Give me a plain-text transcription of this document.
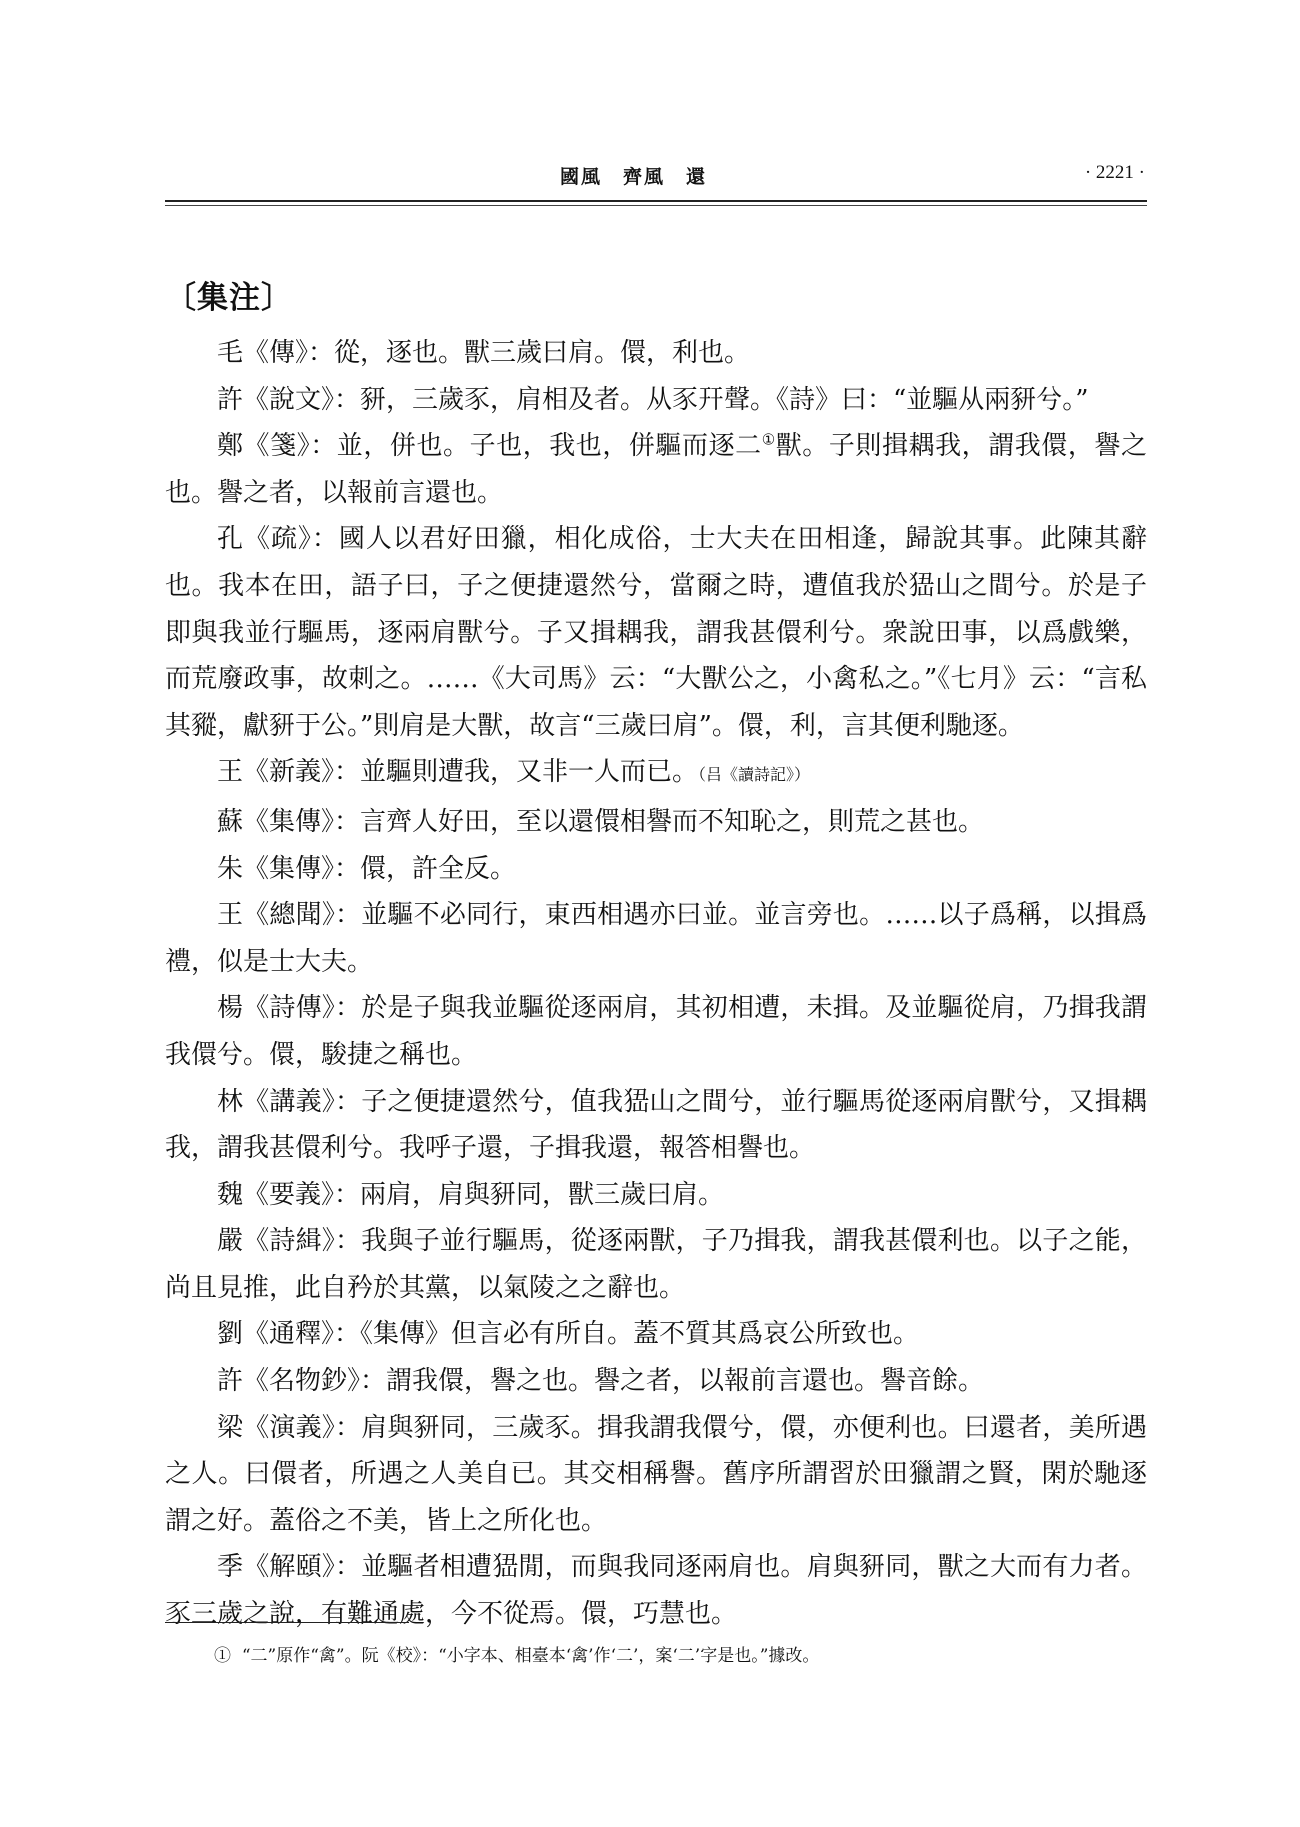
國風　齊風　還	· 2221 ·
〔集注〕

毛《傳》：從，逐也。獸三歲曰肩。儇，利也。

許《說文》：豜，三歲豕，肩相及者。从豕幵聲。《詩》曰：“並驅从兩豜兮。”

鄭《箋》：並，併也。子也，我也，併驅而逐二①獸。子則揖耦我，謂我儇，譽之也。譽之者，以報前言還也。

孔《疏》：國人以君好田獵，相化成俗，士大夫在田相逢，歸說其事。此陳其辭也。我本在田，語子曰，子之便捷還然兮，當爾之時，遭值我於峱山之間兮。於是子即與我並行驅馬，逐兩肩獸兮。子又揖耦我，謂我甚儇利兮。衆說田事，以爲戲樂，而荒廢政事，故刺之。……《大司馬》云：“大獸公之，小禽私之。”《七月》云：“言私其豵，獻豜于公。”則肩是大獸，故言“三歲曰肩”。儇，利，言其便利馳逐。

王《新義》：並驅則遭我，又非一人而已。（吕《讀詩記》）

蘇《集傳》：言齊人好田，至以還儇相譽而不知恥之，則荒之甚也。

朱《集傳》：儇，許全反。

王《總聞》：並驅不必同行，東西相遇亦曰並。並言旁也。……以子爲稱，以揖爲禮，似是士大夫。

楊《詩傳》：於是子與我並驅從逐兩肩，其初相遭，未揖。及並驅從肩，乃揖我謂我儇兮。儇，駿捷之稱也。

林《講義》：子之便捷還然兮，值我峱山之間兮，並行驅馬從逐兩肩獸兮，又揖耦我，謂我甚儇利兮。我呼子還，子揖我還，報答相譽也。

魏《要義》：兩肩，肩與豜同，獸三歲曰肩。

嚴《詩緝》：我與子並行驅馬，從逐兩獸，子乃揖我，謂我甚儇利也。以子之能，尚且見推，此自矜於其黨，以氣陵之之辭也。

劉《通釋》：《集傳》但言必有所自。蓋不質其爲哀公所致也。

許《名物鈔》：謂我儇，譽之也。譽之者，以報前言還也。譽音餘。

梁《演義》：肩與豜同，三歲豕。揖我謂我儇兮，儇，亦便利也。曰還者，美所遇之人。曰儇者，所遇之人美自已。其交相稱譽。舊序所謂習於田獵謂之賢，閑於馳逐謂之好。蓋俗之不美，皆上之所化也。

季《解頤》：並驅者相遭峱閒，而與我同逐兩肩也。肩與豜同，獸之大而有力者。豕三歲之說，有難通處，今不從焉。儇，巧慧也。

① “二”原作“禽”。阮《校》：“小字本、相臺本‘禽’作‘二’，案‘二’字是也。”據改。
